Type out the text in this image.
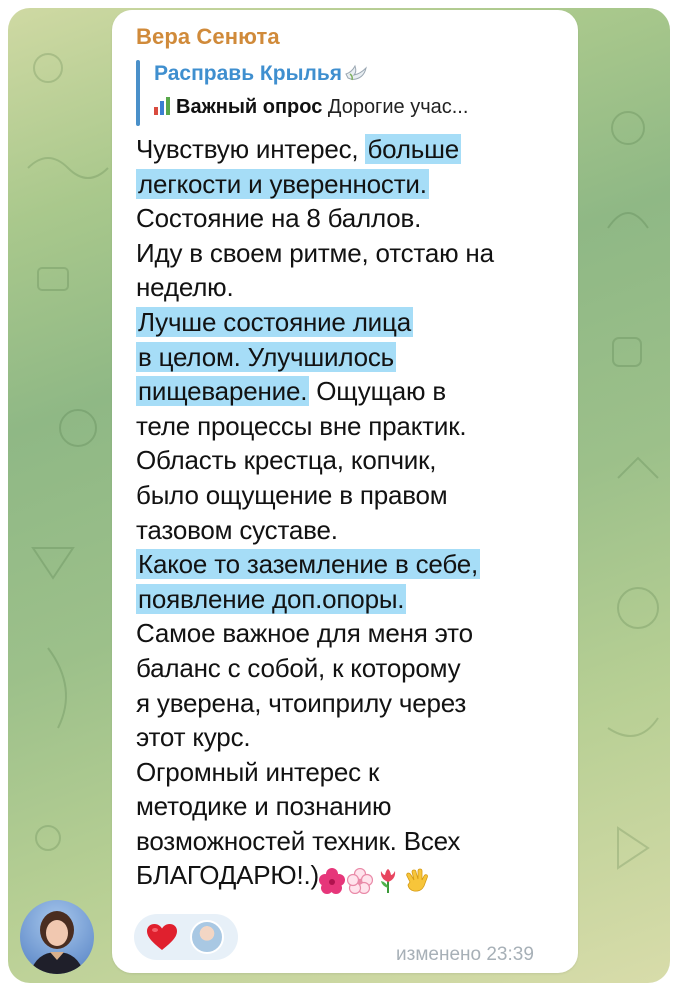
Вера Сенюта
Расправь Крылья
Важный опрос Дорогие учас...
Чувствую интерес, больше
легкости и уверенности.
Состояние на 8 баллов.
Иду в своем ритме, отстаю на
неделю.
Лучше состояние лица
в целом. Улучшилось
пищеварение. Ощущаю в
теле процессы вне практик.
Область крестца, копчик,
было ощущение в правом
тазовом суставе.
Какое то заземление в себе,
появление доп.опоры.
Самое важное для меня это
баланс с собой, к которому
я уверена, чтоиприлу через
этот курс.
Огромный интерес к
методике и познанию
возможностей техник. Всех
БЛАГОДАРЮ!.)
изменено 23:39
